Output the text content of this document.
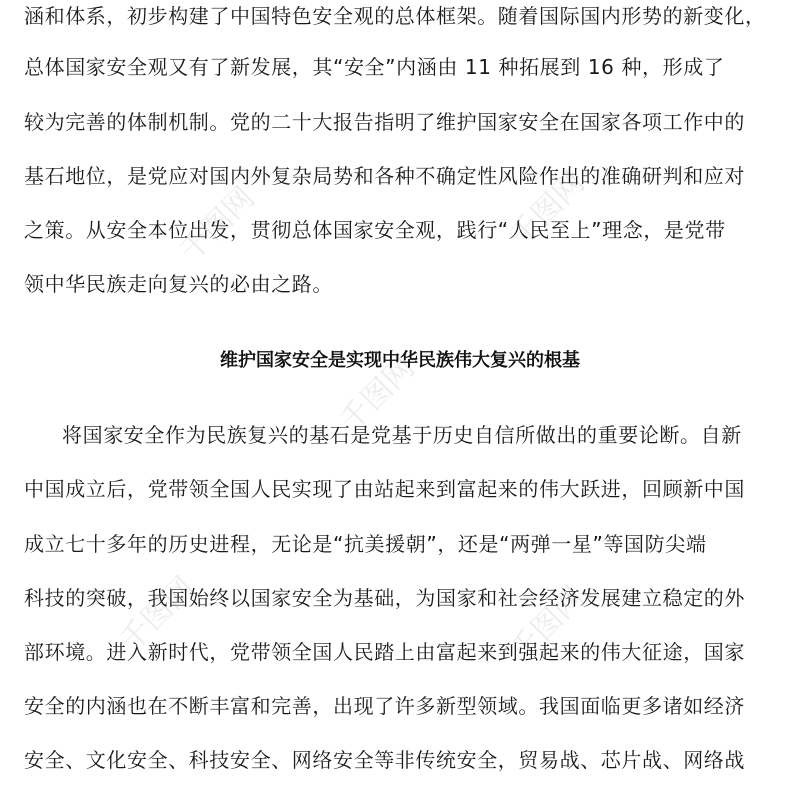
千图网	千图网
千图网
千图网	千图网
涵和体系，初步构建了中国特色安全观的总体框架。随着国际国内形势的新变化，
总体国家安全观又有了新发展，其“安全”内涵由 11 种拓展到 16 种，形成了
较为完善的体制机制。党的二十大报告指明了维护国家安全在国家各项工作中的
基石地位，是党应对国内外复杂局势和各种不确定性风险作出的准确研判和应对
之策。从安全本位出发，贯彻总体国家安全观，践行“人民至上”理念，是党带
领中华民族走向复兴的必由之路。
维护国家安全是实现中华民族伟大复兴的根基
将国家安全作为民族复兴的基石是党基于历史自信所做出的重要论断。自新
中国成立后，党带领全国人民实现了由站起来到富起来的伟大跃进，回顾新中国
成立七十多年的历史进程，无论是“抗美援朝”，还是“两弹一星”等国防尖端
科技的突破，我国始终以国家安全为基础，为国家和社会经济发展建立稳定的外
部环境。进入新时代，党带领全国人民踏上由富起来到强起来的伟大征途，国家
安全的内涵也在不断丰富和完善，出现了许多新型领域。我国面临更多诸如经济
安全、文化安全、科技安全、网络安全等非传统安全，贸易战、芯片战、网络战
